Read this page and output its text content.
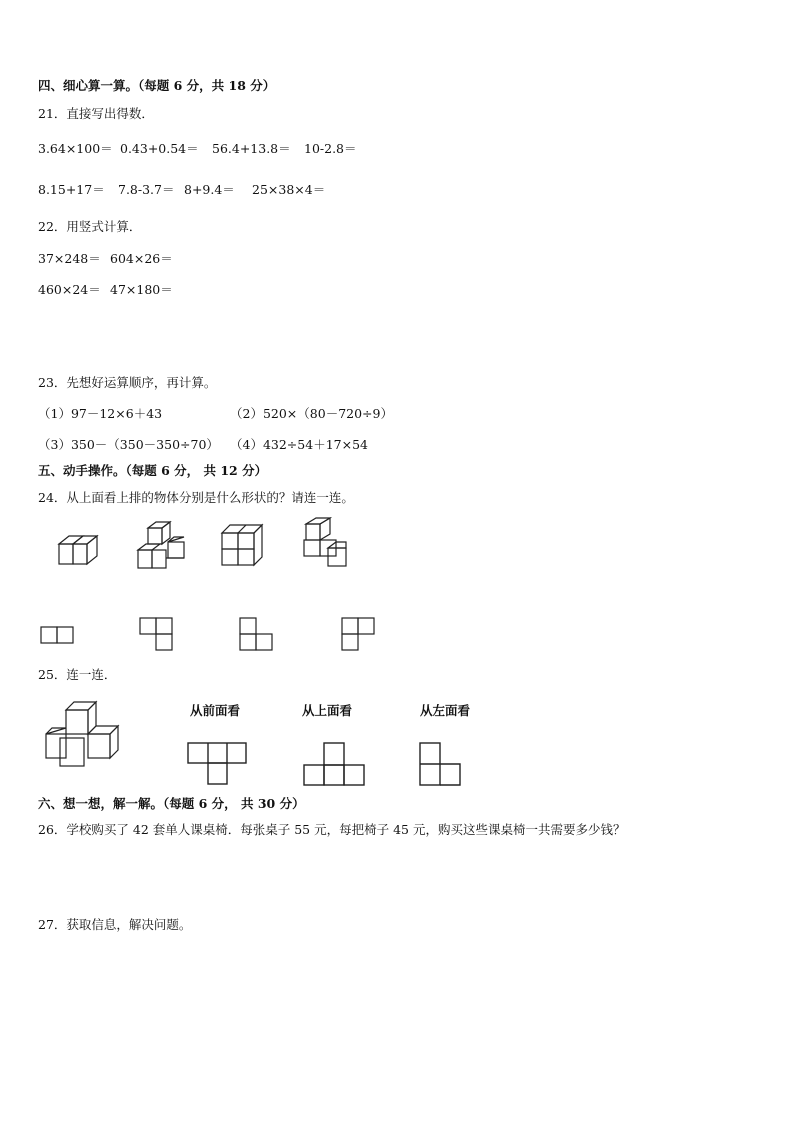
四、细心算一算。（每题 6 分，共 18 分）
21．直接写出得数．
3.64×100＝ 0.43+0.54＝ 56.4+13.8＝ 10-2.8＝
8.15+17＝ 7.8-3.7＝ 8+9.4＝ 25×38×4＝
22．用竖式计算．
37×248＝ 604×26＝
460×24＝ 47×180＝
23．先想好运算顺序，再计算。
（1）97－12×6＋43	（2）520×（80－720÷9）
（3）350－（350－350÷70） （4）432÷54＋17×54
五、动手操作。（每题 6 分， 共 12 分）
24．从上面看上排的物体分别是什么形状的？请连一连。
25．连一连．
从前面看	从上面看	从左面看
六、想一想，解一解。（每题 6 分， 共 30 分）
26．学校购买了 42 套单人课桌椅．每张桌子 55 元，每把椅子 45 元，购买这些课桌椅一共需要多少钱？
27．获取信息，解决问题。
